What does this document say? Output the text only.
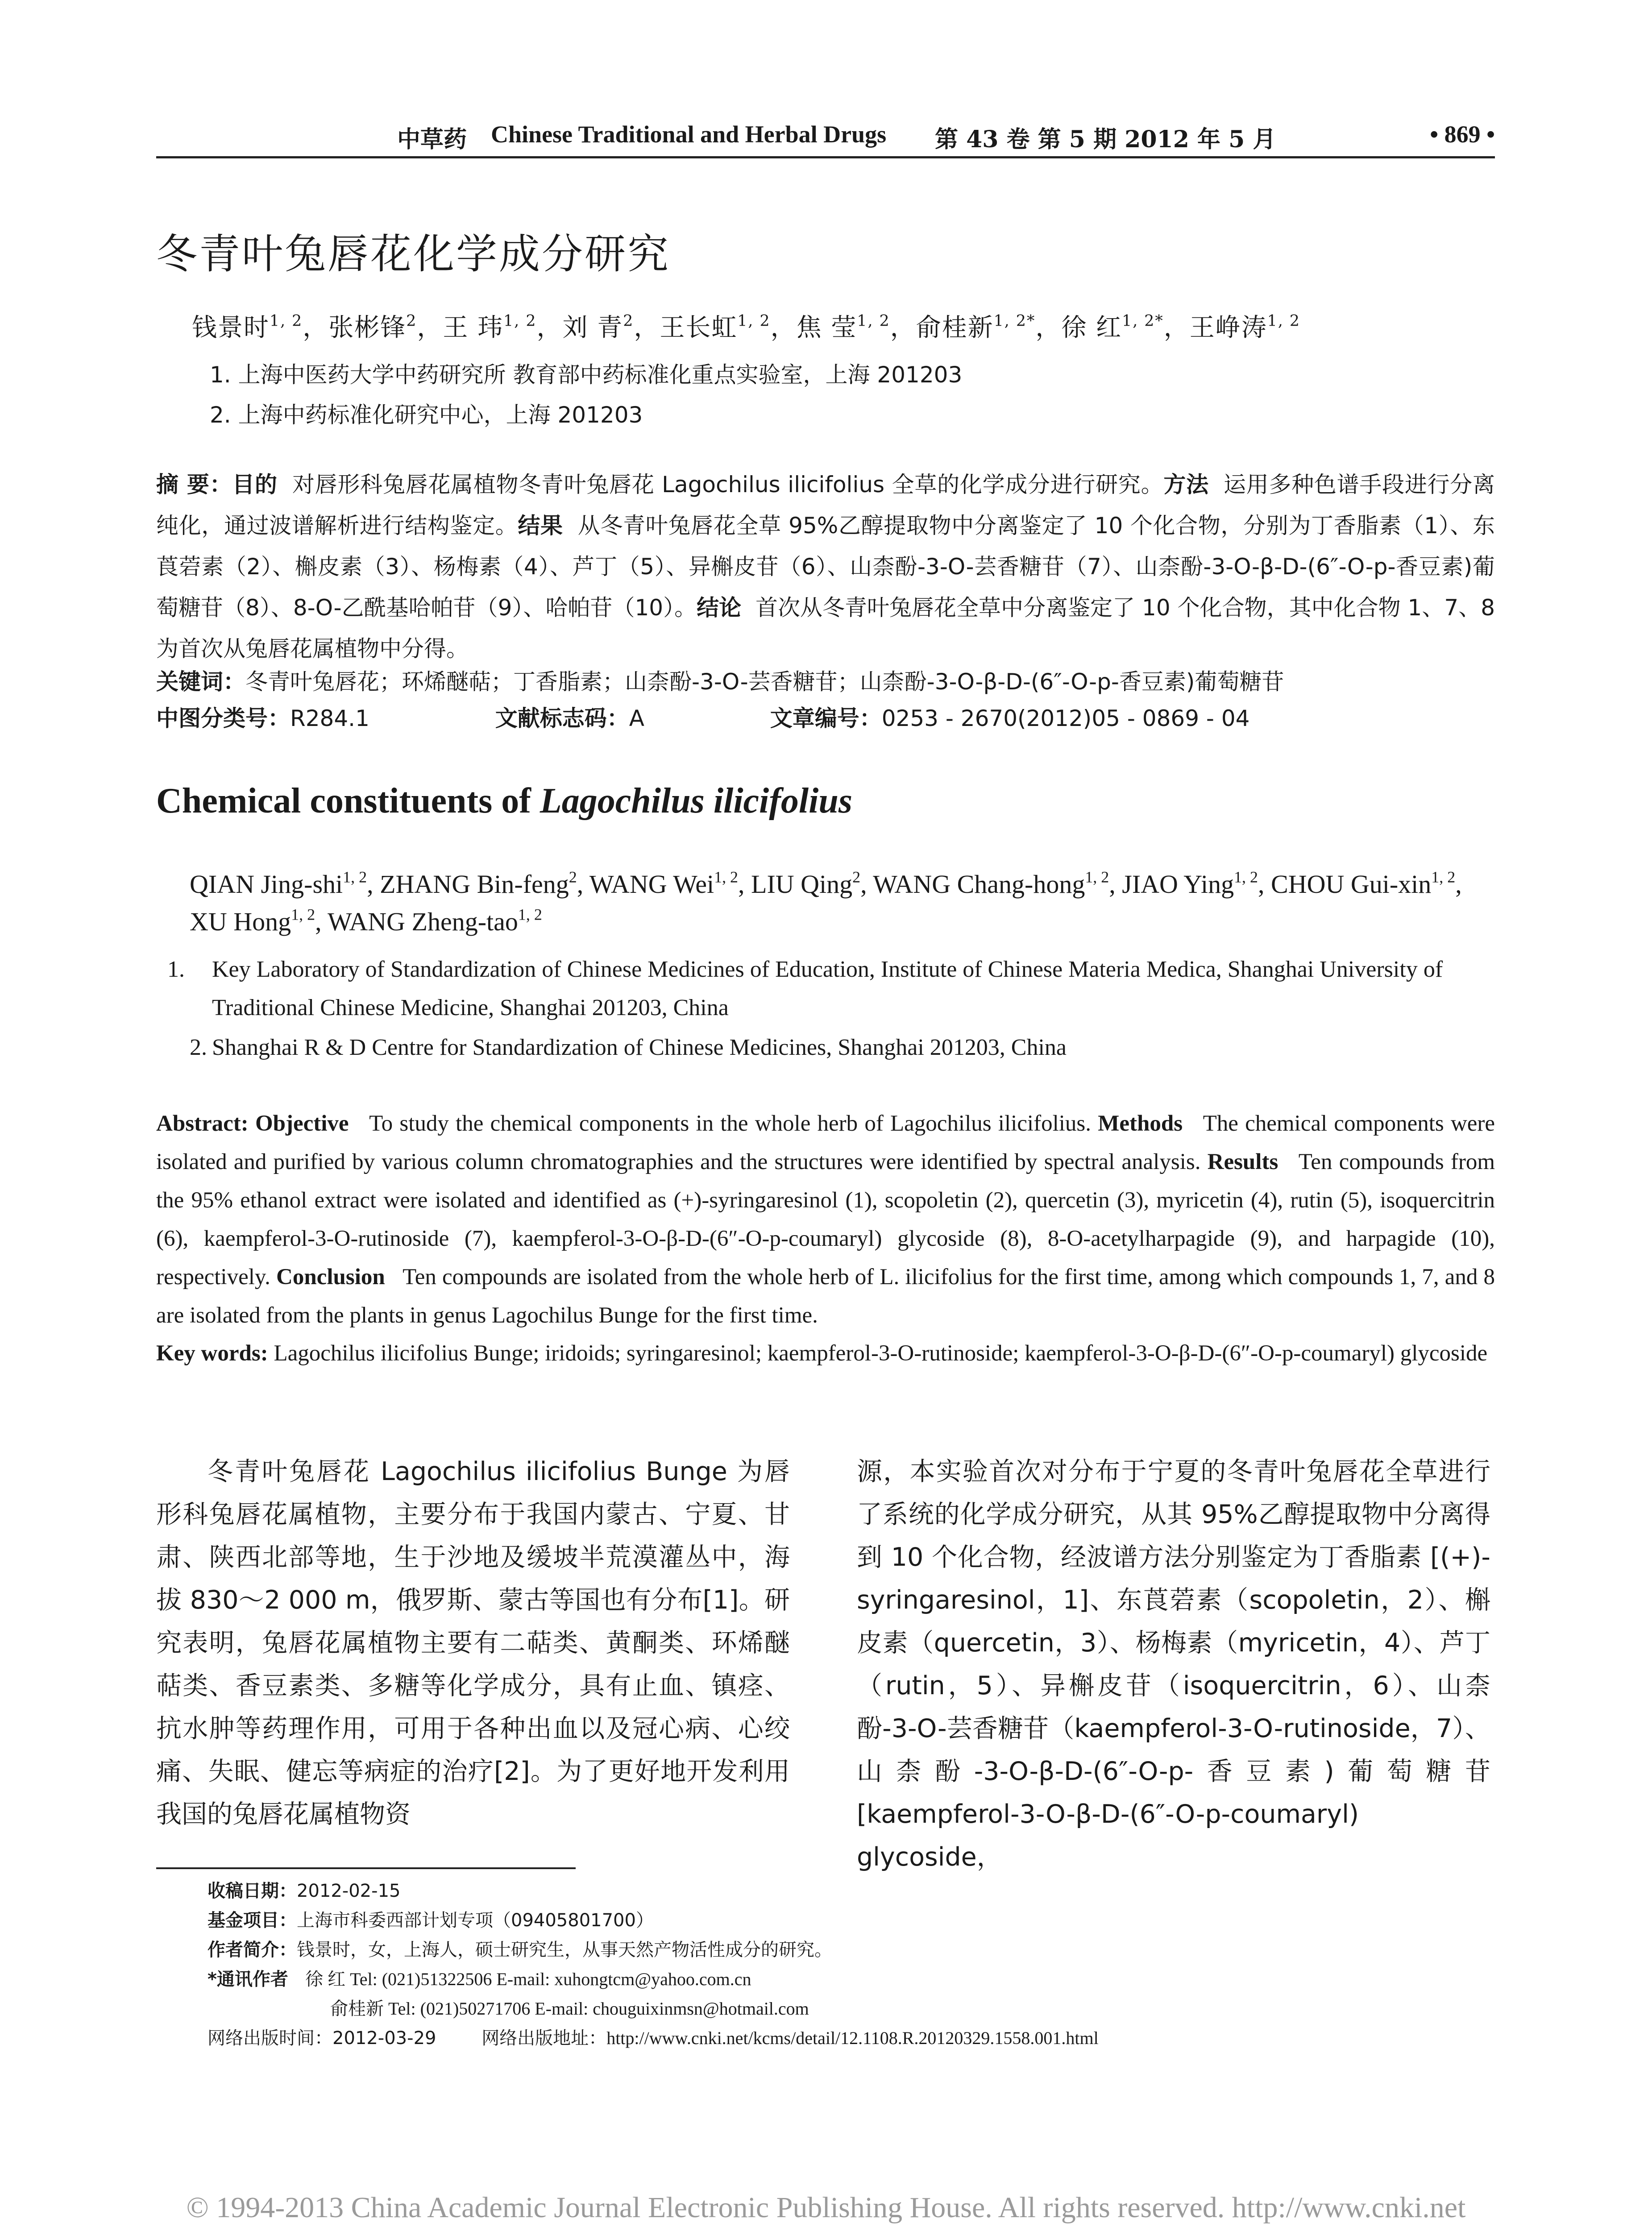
中草药 Chinese Traditional and Herbal Drugs 第 43 卷 第 5 期 2012 年 5 月	• 869 •
冬青叶兔唇花化学成分研究
钱景时$^{1, 2}$，张彬锋$^2$，王 玮$^{1, 2}$，刘 青$^2$，王长虹$^{1, 2}$，焦 莹$^{1, 2}$，俞桂新$^{1, 2*}$，徐 红$^{1, 2*}$，王峥涛$^{1, 2}$
1. 上海中医药大学中药研究所 教育部中药标准化重点实验室，上海 201203
2. 上海中药标准化研究中心，上海 201203
摘 要：目的 对唇形科兔唇花属植物冬青叶兔唇花 Lagochilus ilicifolius 全草的化学成分进行研究。方法 运用多种色谱手段进行分离纯化，通过波谱解析进行结构鉴定。结果 从冬青叶兔唇花全草 95%乙醇提取物中分离鉴定了 10 个化合物，分别为丁香脂素（1）、东莨菪素（2）、槲皮素（3）、杨梅素（4）、芦丁（5）、异槲皮苷（6）、山柰酚-3-O-芸香糖苷（7）、山柰酚-3-O-β-D-(6″-O-p-香豆素)葡萄糖苷（8）、8-O-乙酰基哈帕苷（9）、哈帕苷（10）。结论 首次从冬青叶兔唇花全草中分离鉴定了 10 个化合物，其中化合物 1、7、8 为首次从兔唇花属植物中分得。
关键词：冬青叶兔唇花；环烯醚萜；丁香脂素；山柰酚-3-O-芸香糖苷；山柰酚-3-O-β-D-(6″-O-p-香豆素)葡萄糖苷
中图分类号：R284.1	文献标志码：A	文章编号：0253 - 2670(2012)05 - 0869 - 04
Chemical constituents of Lagochilus ilicifolius
QIAN Jing-shi$^{1, 2}$, ZHANG Bin-feng$^2$, WANG Wei$^{1, 2}$, LIU Qing$^2$, WANG Chang-hong$^{1, 2}$, JIAO Ying$^{1, 2}$, CHOU Gui-xin$^{1, 2}$, XU Hong$^{1, 2}$, WANG Zheng-tao$^{1, 2}$
1. Key Laboratory of Standardization of Chinese Medicines of Education, Institute of Chinese Materia Medica, Shanghai University of Traditional Chinese Medicine, Shanghai 201203, China
2. Shanghai R & D Centre for Standardization of Chinese Medicines, Shanghai 201203, China
Abstract: Objective To study the chemical components in the whole herb of Lagochilus ilicifolius. Methods The chemical components were isolated and purified by various column chromatographies and the structures were identified by spectral analysis. Results Ten compounds from the 95% ethanol extract were isolated and identified as (+)-syringaresinol (1), scopoletin (2), quercetin (3), myricetin (4), rutin (5), isoquercitrin (6), kaempferol-3-O-rutinoside (7), kaempferol-3-O-β-D-(6″-O-p-coumaryl) glycoside (8), 8-O-acetylharpagide (9), and harpagide (10), respectively. Conclusion Ten compounds are isolated from the whole herb of L. ilicifolius for the first time, among which compounds 1, 7, and 8 are isolated from the plants in genus Lagochilus Bunge for the first time.
Key words: Lagochilus ilicifolius Bunge; iridoids; syringaresinol; kaempferol-3-O-rutinoside; kaempferol-3-O-β-D-(6″-O-p-coumaryl) glycoside
冬青叶兔唇花 Lagochilus ilicifolius Bunge 为唇形科兔唇花属植物，主要分布于我国内蒙古、宁夏、甘肃、陕西北部等地，生于沙地及缓坡半荒漠灌丛中，海拔 830～2 000 m，俄罗斯、蒙古等国也有分布[1]。研究表明，兔唇花属植物主要有二萜类、黄酮类、环烯醚萜类、香豆素类、多糖等化学成分，具有止血、镇痉、抗水肿等药理作用，可用于各种出血以及冠心病、心绞痛、失眠、健忘等病症的治疗[2]。为了更好地开发利用我国的兔唇花属植物资
源，本实验首次对分布于宁夏的冬青叶兔唇花全草进行了系统的化学成分研究，从其 95%乙醇提取物中分离得到 10 个化合物，经波谱方法分别鉴定为丁香脂素 [(+)-syringaresinol，1]、东莨菪素（scopoletin，2）、槲皮素（quercetin，3）、杨梅素（myricetin，4）、芦丁（rutin，5）、异槲皮苷（isoquercitrin，6）、山柰酚-3-O-芸香糖苷（kaempferol-3-O-rutinoside，7）、山柰酚-3-O-β-D-(6″-O-p-香豆素)葡萄糖苷 [kaempferol-3-O-β-D-(6″-O-p-coumaryl) glycoside，
收稿日期：2012-02-15
基金项目：上海市科委西部计划专项（09405801700）
作者简介：钱景时，女，上海人，硕士研究生，从事天然产物活性成分的研究。
*通讯作者 徐 红 Tel: (021)51322506 E-mail: xuhongtcm@yahoo.com.cn
俞桂新 Tel: (021)50271706 E-mail: chouguixinmsn@hotmail.com
网络出版时间：2012-03-29	网络出版地址：http://www.cnki.net/kcms/detail/12.1108.R.20120329.1558.001.html
© 1994-2013 China Academic Journal Electronic Publishing House. All rights reserved. http://www.cnki.net
